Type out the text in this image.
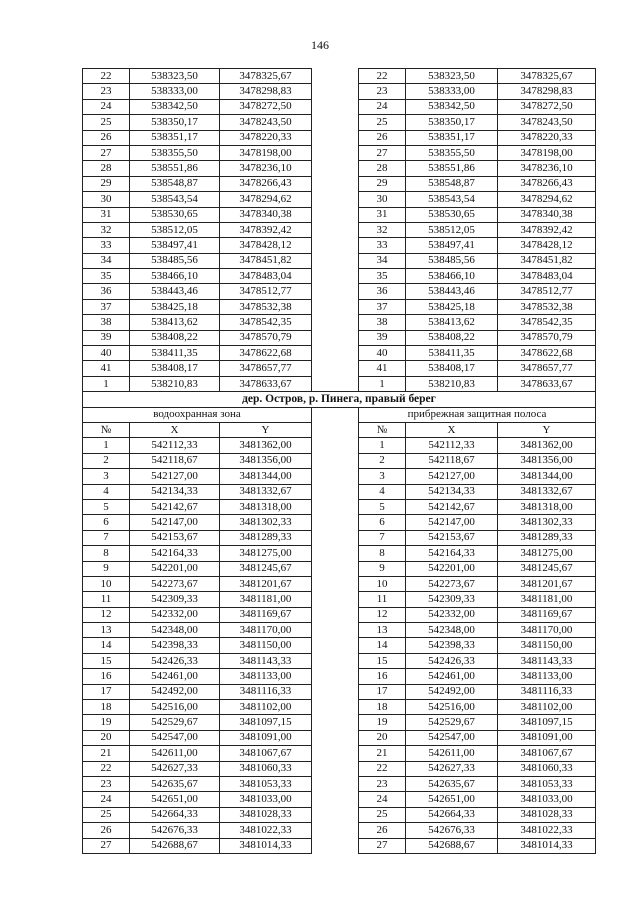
146
22	538323,50	3478325,67		22	538323,50	3478325,67
23	538333,00	3478298,83		23	538333,00	3478298,83
24	538342,50	3478272,50		24	538342,50	3478272,50
25	538350,17	3478243,50		25	538350,17	3478243,50
26	538351,17	3478220,33		26	538351,17	3478220,33
27	538355,50	3478198,00		27	538355,50	3478198,00
28	538551,86	3478236,10		28	538551,86	3478236,10
29	538548,87	3478266,43		29	538548,87	3478266,43
30	538543,54	3478294,62		30	538543,54	3478294,62
31	538530,65	3478340,38		31	538530,65	3478340,38
32	538512,05	3478392,42		32	538512,05	3478392,42
33	538497,41	3478428,12		33	538497,41	3478428,12
34	538485,56	3478451,82		34	538485,56	3478451,82
35	538466,10	3478483,04		35	538466,10	3478483,04
36	538443,46	3478512,77		36	538443,46	3478512,77
37	538425,18	3478532,38		37	538425,18	3478532,38
38	538413,62	3478542,35		38	538413,62	3478542,35
39	538408,22	3478570,79		39	538408,22	3478570,79
40	538411,35	3478622,68		40	538411,35	3478622,68
41	538408,17	3478657,77		41	538408,17	3478657,77
1	538210,83	3478633,67		1	538210,83	3478633,67
дер. Остров, р. Пинега, правый берег						
водоохранная зона				прибрежная защитная полоса		
№	X	Y		№	X	Y
1	542112,33	3481362,00		1	542112,33	3481362,00
2	542118,67	3481356,00		2	542118,67	3481356,00
3	542127,00	3481344,00		3	542127,00	3481344,00
4	542134,33	3481332,67		4	542134,33	3481332,67
5	542142,67	3481318,00		5	542142,67	3481318,00
6	542147,00	3481302,33		6	542147,00	3481302,33
7	542153,67	3481289,33		7	542153,67	3481289,33
8	542164,33	3481275,00		8	542164,33	3481275,00
9	542201,00	3481245,67		9	542201,00	3481245,67
10	542273,67	3481201,67		10	542273,67	3481201,67
11	542309,33	3481181,00		11	542309,33	3481181,00
12	542332,00	3481169,67		12	542332,00	3481169,67
13	542348,00	3481170,00		13	542348,00	3481170,00
14	542398,33	3481150,00		14	542398,33	3481150,00
15	542426,33	3481143,33		15	542426,33	3481143,33
16	542461,00	3481133,00		16	542461,00	3481133,00
17	542492,00	3481116,33		17	542492,00	3481116,33
18	542516,00	3481102,00		18	542516,00	3481102,00
19	542529,67	3481097,15		19	542529,67	3481097,15
20	542547,00	3481091,00		20	542547,00	3481091,00
21	542611,00	3481067,67		21	542611,00	3481067,67
22	542627,33	3481060,33		22	542627,33	3481060,33
23	542635,67	3481053,33		23	542635,67	3481053,33
24	542651,00	3481033,00		24	542651,00	3481033,00
25	542664,33	3481028,33		25	542664,33	3481028,33
26	542676,33	3481022,33		26	542676,33	3481022,33
27	542688,67	3481014,33		27	542688,67	3481014,33
